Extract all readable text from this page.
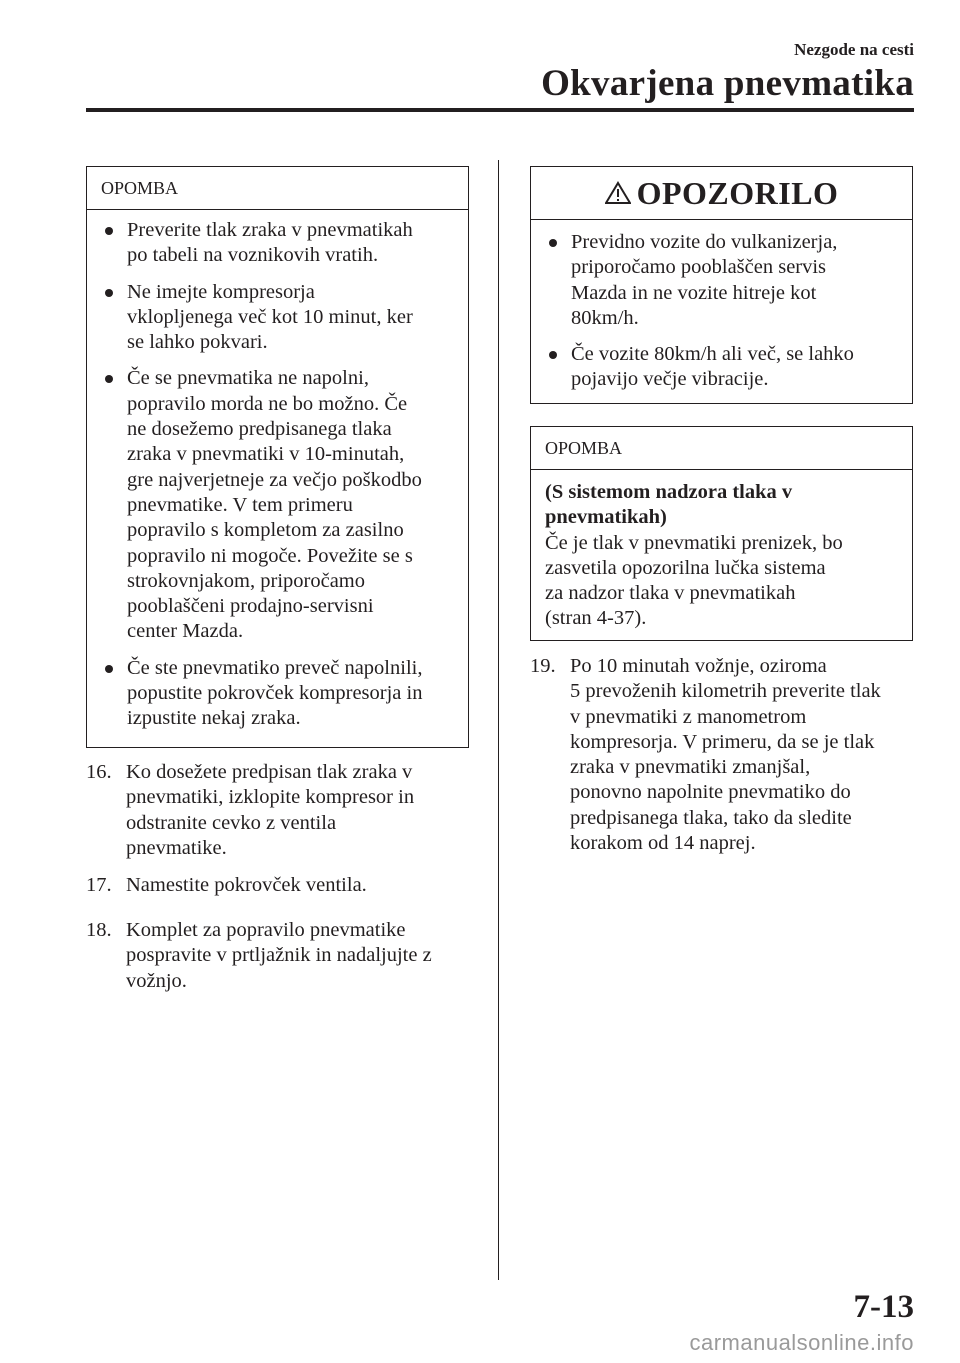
Nezgode na cesti
Okvarjena pnevmatika
OPOMBA
Preverite tlak zraka v pnevmatikah
po tabeli na voznikovih vratih.
Ne imejte kompresorja
vklopljenega več kot 10 minut, ker
se lahko pokvari.
Če se pnevmatika ne napolni,
popravilo morda ne bo možno. Če
ne dosežemo predpisanega tlaka
zraka v pnevmatiki v 10-minutah,
gre najverjetneje za večjo poškodbo
pnevmatike. V tem primeru
popravilo s kompletom za zasilno
popravilo ni mogoče. Povežite se s
strokovnjakom, priporočamo
pooblaščeni prodajno-servisni
center Mazda.
Če ste pnevmatiko preveč napolnili,
popustite pokrovček kompresorja in
izpustite nekaj zraka.
16. Ko dosežete predpisan tlak zraka v
pnevmatiki, izklopite kompresor in
odstranite cevko z ventila
pnevmatike.
17. Namestite pokrovček ventila.
18. Komplet za popravilo pnevmatike
pospravite v prtljažnik in nadaljujte z
vožnjo.
OPOZORILO
Previdno vozite do vulkanizerja,
priporočamo pooblaščen servis
Mazda in ne vozite hitreje kot
80km/h.
Če vozite 80km/h ali več, se lahko
pojavijo večje vibracije.
OPOMBA
(S sistemom nadzora tlaka v
pnevmatikah)
Če je tlak v pnevmatiki prenizek, bo
zasvetila opozorilna lučka sistema
za nadzor tlaka v pnevmatikah
(stran 4-37).
19. Po 10 minutah vožnje, oziroma
5 prevoženih kilometrih preverite tlak
v pnevmatiki z manometrom
kompresorja. V primeru, da se je tlak
zraka v pnevmatiki zmanjšal,
ponovno napolnite pnevmatiko do
predpisanega tlaka, tako da sledite
korakom od 14 naprej.
7-13
carmanualsonline.info
